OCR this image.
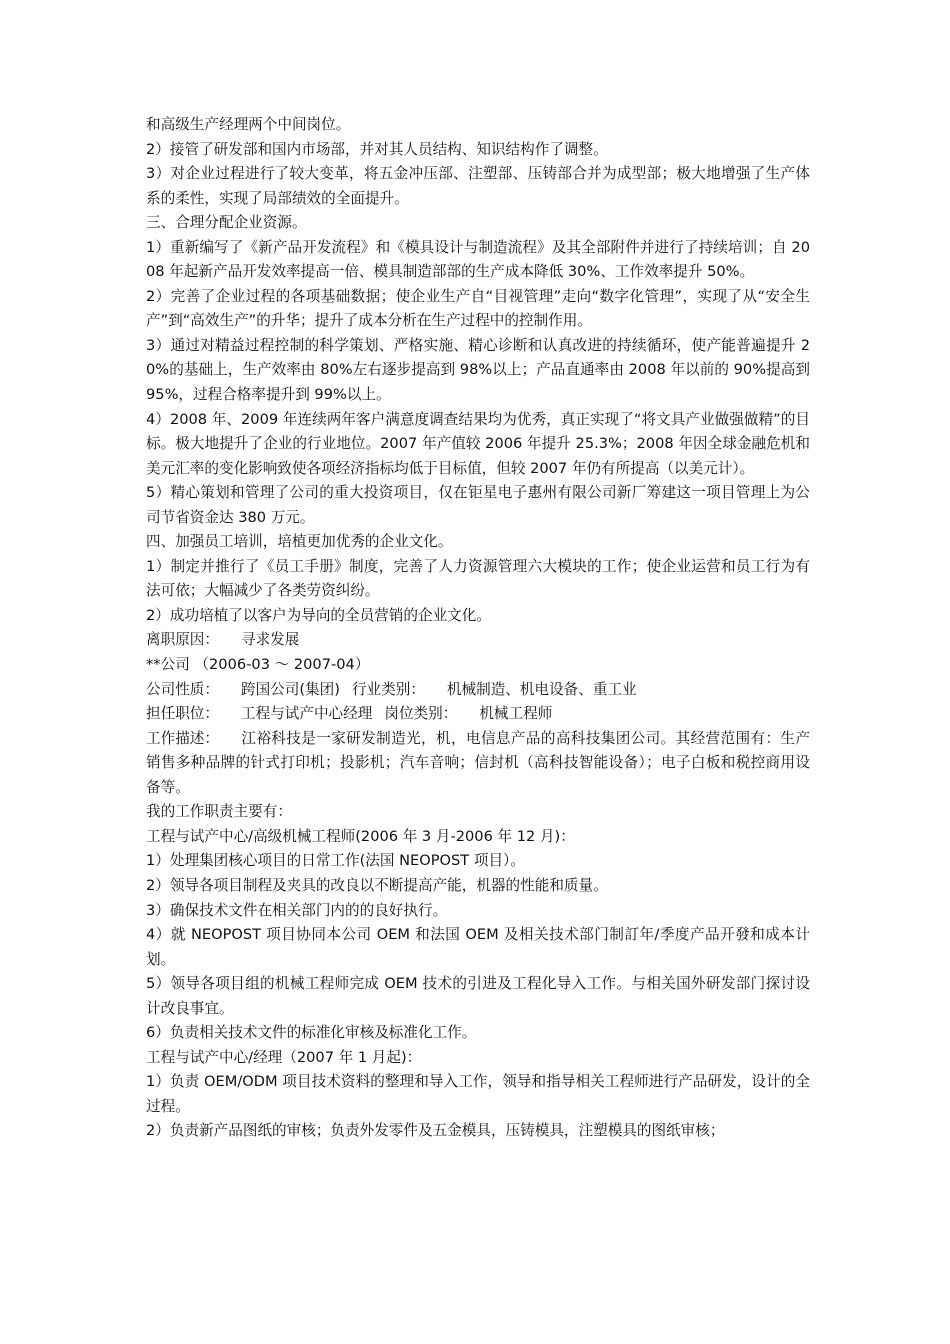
和高级生产经理两个中间岗位。

2）接管了研发部和国内市场部，并对其人员结构、知识结构作了调整。

3）对企业过程进行了较大变革，将五金冲压部、注塑部、压铸部合并为成型部；极大地增强了生产体系的柔性，实现了局部绩效的全面提升。

三、合理分配企业资源。

1）重新编写了《新产品开发流程》和《模具设计与制造流程》及其全部附件并进行了持续培训；自 2008 年起新产品开发效率提高一倍、模具制造部部的生产成本降低 30%、工作效率提升 50%。

2）完善了企业过程的各项基础数据；使企业生产自“目视管理”走向“数字化管理”，实现了从“安全生产”到“高效生产”的升华；提升了成本分析在生产过程中的控制作用。

3）通过对精益过程控制的科学策划、严格实施、精心诊断和认真改进的持续循环，使产能普遍提升 20%的基础上，生产效率由 80%左右逐步提高到 98%以上；产品直通率由 2008 年以前的 90%提高到 95%，过程合格率提升到 99%以上。

4）2008 年、2009 年连续两年客户满意度调查结果均为优秀，真正实现了“将文具产业做强做精”的目标。极大地提升了企业的行业地位。2007 年产值较 2006 年提升 25.3%；2008 年因全球金融危机和美元汇率的变化影响致使各项经济指标均低于目标值，但较 2007 年仍有所提高（以美元计）。

5）精心策划和管理了公司的重大投资项目，仅在钜星电子惠州有限公司新厂筹建这一项目管理上为公司节省资金达 380 万元。

四、加强员工培训，培植更加优秀的企业文化。

1）制定并推行了《员工手册》制度，完善了人力资源管理六大模块的工作；使企业运营和员工行为有法可依；大幅减少了各类劳资纠纷。

2）成功培植了以客户为导向的全员营销的企业文化。

离职原因： 寻求发展

**公司 （2006-03 ～ 2007-04）

公司性质： 跨国公司(集团) 行业类别： 机械制造、机电设备、重工业

担任职位： 工程与试产中心经理 岗位类别： 机械工程师

工作描述： 江裕科技是一家研发制造光，机，电信息产品的高科技集团公司。其经营范围有：生产销售多种品牌的针式打印机；投影机；汽车音响；信封机（高科技智能设备）；电子白板和税控商用设备等。

我的工作职责主要有：

工程与试产中心/高级机械工程师(2006 年 3 月-2006 年 12 月)：

1）处理集团核心项目的日常工作(法国 NEOPOST 项目）。

2）领导各项目制程及夹具的改良以不断提高产能，机器的性能和质量。

3）确保技术文件在相关部门内的的良好执行。

4）就 NEOPOST 项目协同本公司 OEM 和法国 OEM 及相关技术部门制訂年/季度产品开發和成本计划。

5）领导各项目组的机械工程师完成 OEM 技术的引进及工程化导入工作。与相关国外研发部门探讨设计改良事宜。

6）负责相关技术文件的标准化审核及标准化工作。

工程与试产中心/经理（2007 年 1 月起)：

1）负责 OEM/ODM 项目技术资料的整理和导入工作，领导和指导相关工程师进行产品研发，设计的全过程。

2）负责新产品图纸的审核；负责外发零件及五金模具，压铸模具，注塑模具的图纸审核；
